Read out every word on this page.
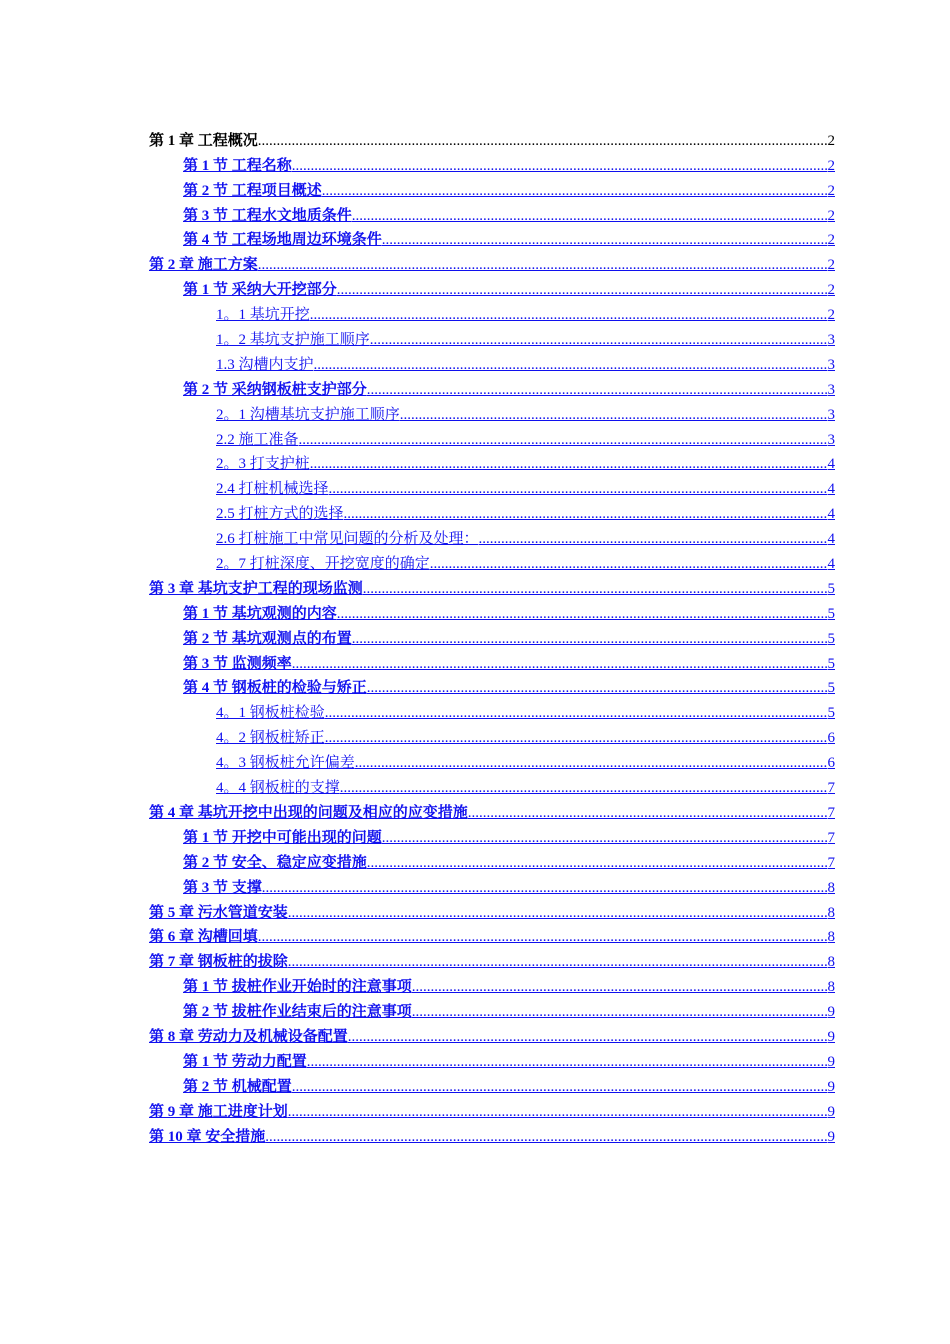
第 1 章 工程概况 .....	2
第 1 节 工程名称 .....	2
第 2 节 工程项目概述 .....	2
第 3 节 工程水文地质条件 .....	2
第 4 节 工程场地周边环境条件 .....	2
第 2 章 施工方案 .....	2
第 1 节 采纳大开挖部分 .....	2
1。1 基坑开挖 .....	2
1。2 基坑支护施工顺序 .....	3
1.3 沟槽内支护 .....	3
第 2 节 采纳钢板桩支护部分 .....	3
2。1 沟槽基坑支护施工顺序 .....	3
2.2 施工准备 .....	3
2。3 打支护桩 .....	4
2.4 打桩机械选择 .....	4
2.5 打桩方式的选择 .....	4
2.6 打桩施工中常见问题的分析及处理： .....	4
2。7 打桩深度、开挖宽度的确定 .....	4
第 3 章 基坑支护工程的现场监测 .....	5
第 1 节 基坑观测的内容 .....	5
第 2 节 基坑观测点的布置 .....	5
第 3 节 监测频率 .....	5
第 4 节 钢板桩的检验与矫正 .....	5
4。1 钢板桩检验 .....	5
4。2 钢板桩矫正 .....	6
4。3 钢板桩允许偏差 .....	6
4。4 钢板桩的支撑 .....	7
第 4 章 基坑开挖中出现的问题及相应的应变措施 .....	7
第 1 节 开挖中可能出现的问题 .....	7
第 2 节 安全、稳定应变措施 .....	7
第 3 节 支撑 .....	8
第 5 章 污水管道安装 .....	8
第 6 章 沟槽回填 .....	8
第 7 章 钢板桩的拔除 .....	8
第 1 节 拔桩作业开始时的注意事项 .....	8
第 2 节 拔桩作业结束后的注意事项 .....	9
第 8 章 劳动力及机械设备配置 .....	9
第 1 节 劳动力配置 .....	9
第 2 节 机械配置 .....	9
第 9 章 施工进度计划 .....	9
第 10 章 安全措施 .....	9
